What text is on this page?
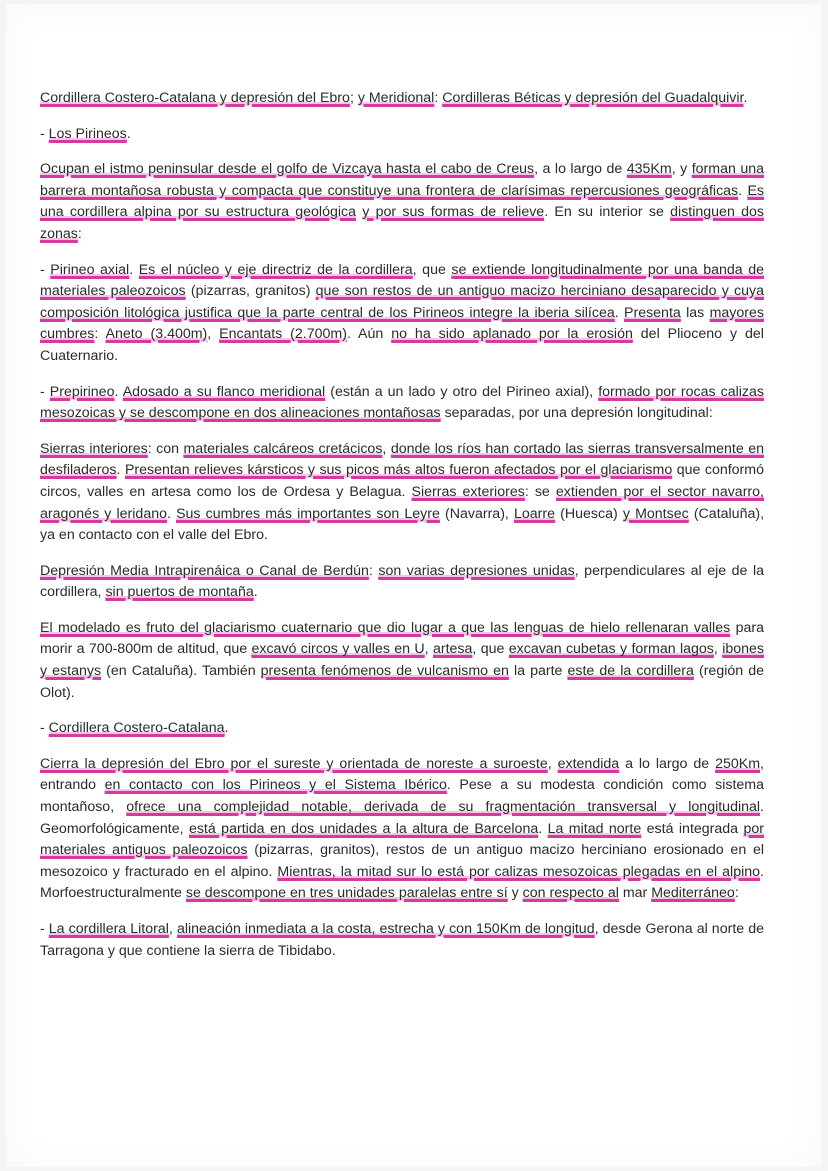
Cordillera Costero-Catalana y depresión del Ebro; y Meridional: Cordilleras Béticas y depresión del Guadalquivir.

- Los Pirineos.

Ocupan el istmo peninsular desde el golfo de Vizcaya hasta el cabo de Creus, a lo largo de 435Km, y forman una barrera montañosa robusta y compacta que constituye una frontera de clarísimas repercusiones geográficas. Es una cordillera alpina por su estructura geológica y por sus formas de relieve. En su interior se distinguen dos zonas:

- Pirineo axial. Es el núcleo y eje directriz de la cordillera, que se extiende longitudinalmente por una banda de materiales paleozoicos (pizarras, granitos) que son restos de un antiguo macizo herciniano desaparecido y cuya composición litológica justifica que la parte central de los Pirineos integre la iberia silícea. Presenta las mayores cumbres: Aneto (3.400m), Encantats (2.700m). Aún no ha sido aplanado por la erosión del Plioceno y del Cuaternario.

- Prepirineo. Adosado a su flanco meridional (están a un lado y otro del Pirineo axial), formado por rocas calizas mesozoicas y se descompone en dos alineaciones montañosas separadas, por una depresión longitudinal:

Sierras interiores: con materiales calcáreos cretácicos, donde los ríos han cortado las sierras transversalmente en desfiladeros. Presentan relieves kársticos y sus picos más altos fueron afectados por el glaciarismo que conformó circos, valles en artesa como los de Ordesa y Belagua. Sierras exteriores: se extienden por el sector navarro, aragonés y leridano. Sus cumbres más importantes son Leyre (Navarra), Loarre (Huesca) y Montsec (Cataluña), ya en contacto con el valle del Ebro.

Depresión Media Intrapirenáica o Canal de Berdún: son varias depresiones unidas, perpendiculares al eje de la cordillera, sin puertos de montaña.

El modelado es fruto del glaciarismo cuaternario que dio lugar a que las lenguas de hielo rellenaran valles para morir a 700-800m de altitud, que excavó circos y valles en U, artesa, que excavan cubetas y forman lagos, ibones y estanys (en Cataluña). También presenta fenómenos de vulcanismo en la parte este de la cordillera (región de Olot).

- Cordillera Costero-Catalana.

Cierra la depresión del Ebro por el sureste y orientada de noreste a suroeste, extendida a lo largo de 250Km, entrando en contacto con los Pirineos y el Sistema Ibérico. Pese a su modesta condición como sistema montañoso, ofrece una complejidad notable, derivada de su fragmentación transversal y longitudinal. Geomorfológicamente, está partida en dos unidades a la altura de Barcelona. La mitad norte está integrada por materiales antiguos paleozoicos (pizarras, granitos), restos de un antiguo macizo herciniano erosionado en el mesozoico y fracturado en el alpino. Mientras, la mitad sur lo está por calizas mesozoicas plegadas en el alpino. Morfoestructuralmente se descompone en tres unidades paralelas entre sí y con respecto al mar Mediterráneo:

- La cordillera Litoral, alineación inmediata a la costa, estrecha y con 150Km de longitud, desde Gerona al norte de Tarragona y que contiene la sierra de Tibidabo.
